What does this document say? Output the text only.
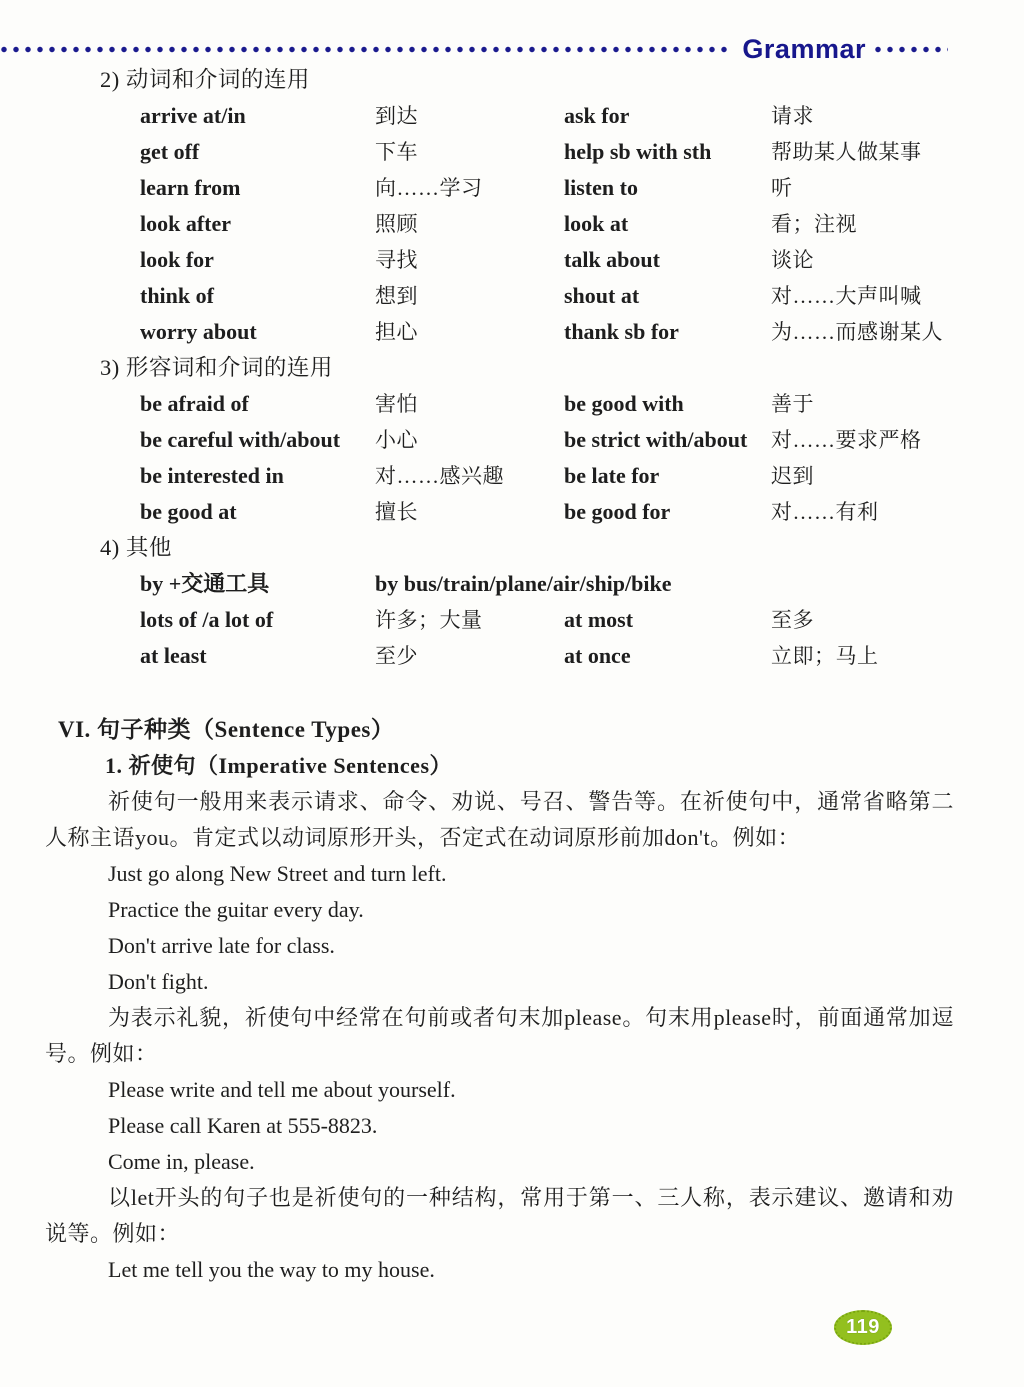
Grammar
2) 动词和介词的连用
arrive at/in	到达	ask for	请求
get off	下车	help sb with sth	帮助某人做某事
learn from	向……学习	listen to	听
look after	照顾	look at	看；注视
look for	寻找	talk about	谈论
think of	想到	shout at	对……大声叫喊
worry about	担心	thank sb for	为……而感谢某人
3) 形容词和介词的连用
be afraid of	害怕	be good with	善于
be careful with/about	小心	be strict with/about	对……要求严格
be interested in	对……感兴趣	be late for	迟到
be good at	擅长	be good for	对……有利
4) 其他
by +交通工具	by bus/train/plane/air/ship/bike
lots of /a lot of	许多；大量	at most	至多
at least	至少	at once	立即；马上
VI. 句子种类（Sentence Types）
1. 祈使句（Imperative Sentences）

祈使句一般用来表示请求、命令、劝说、号召、警告等。在祈使句中，通常省略第二人称主语you。肯定式以动词原形开头，否定式在动词原形前加don't。例如：

Just go along New Street and turn left.
Practice the guitar every day.
Don't arrive late for class.
Don't fight.

为表示礼貌，祈使句中经常在句前或者句末加please。句末用please时，前面通常加逗号。例如：

Please write and tell me about yourself.
Please call Karen at 555-8823.
Come in, please.

以let开头的句子也是祈使句的一种结构，常用于第一、三人称，表示建议、邀请和劝说等。例如：

Let me tell you the way to my house.
119
